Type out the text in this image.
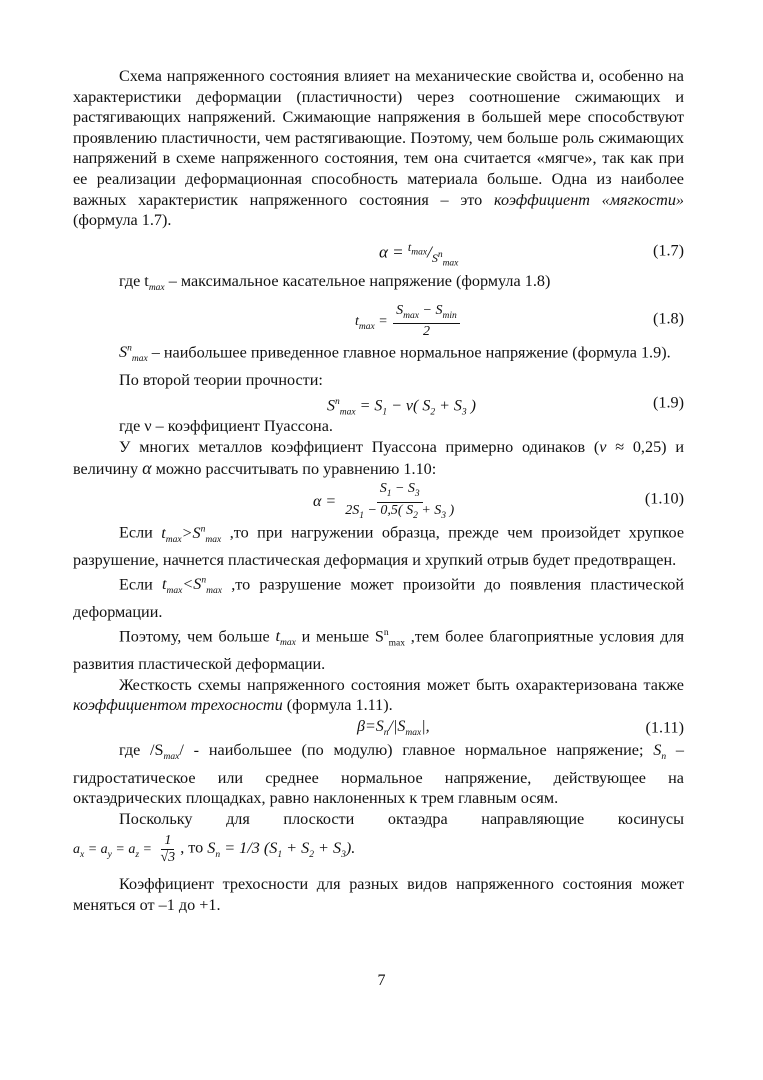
Схема напряженного состояния влияет на механические свойства и, особенно на характеристики деформации (пластичности) через соотношение сжимающих и растягивающих напряжений. Сжимающие напряжения в большей мере способствуют проявлению пластичности, чем растягивающие. Поэтому, чем больше роль сжимающих напряжений в схеме напряженного состояния, тем она считается «мягче», так как при ее реализации деформационная способность материала больше. Одна из наиболее важных характеристик напряженного состояния – это коэффициент «мягкости» (формула 1.7).

$\alpha = ^{t_{max}}/_{S^n_{max}}$
(1.7)

где $t_{max}$ – максимальное касательное напряжение (формула 1.8)

$t_{max} = \frac{S_{max} - S_{min}}{2}$	(1.8)

$S^n_{max}$ – наибольшее приведенное главное нормальное напряжение (формула 1.9).

По второй теории прочности:

$S^n_{max} = S_1 - \nu$( $S_2 + S_3$ )	(1.9)

где ν – коэффициент Пуассона.

У многих металлов коэффициент Пуассона примерно одинаков (ν ≈ 0,25) и величину α можно рассчитывать по уравнению 1.10:

$\alpha = \frac{S_1 - S_3}{2S_1 - 0,5( S_2 + S_3 )}$	(1.10)

Если $t_{max}>S^n_{max}$ ,то при нагружении образца, прежде чем произойдет хрупкое разрушение, начнется пластическая деформация и хрупкий отрыв будет предотвращен.

Если $t_{max}<S^n_{max}$ ,то разрушение может произойти до появления пластической деформации.

Поэтому, чем больше $t_{max}$ и меньше $S^n_{max}$ ,тем более благоприятные условия для развития пластической деформации.

Жесткость схемы напряженного состояния может быть охарактеризована также коэффициентом трехосности (формула 1.11).

$\beta=S_n/|S_{max}|$,	(1.11)

где $/S_{max}/$ - наибольшее (по модулю) главное нормальное напряжение; $S_n$ – гидростатическое или среднее нормальное напряжение, действующее на октаэдрических площадках, равно наклоненных к трем главным осям.

Поскольку для плоскости октаэдра направляющие косинусы

$a_x = a_y = a_z = \frac{1}{√3}$ , то $S_n = 1/3$ $(S_1 + S_2 + S_3)$.

Коэффициент трехосности для разных видов напряженного состояния может меняться от –1 до +1.

7
